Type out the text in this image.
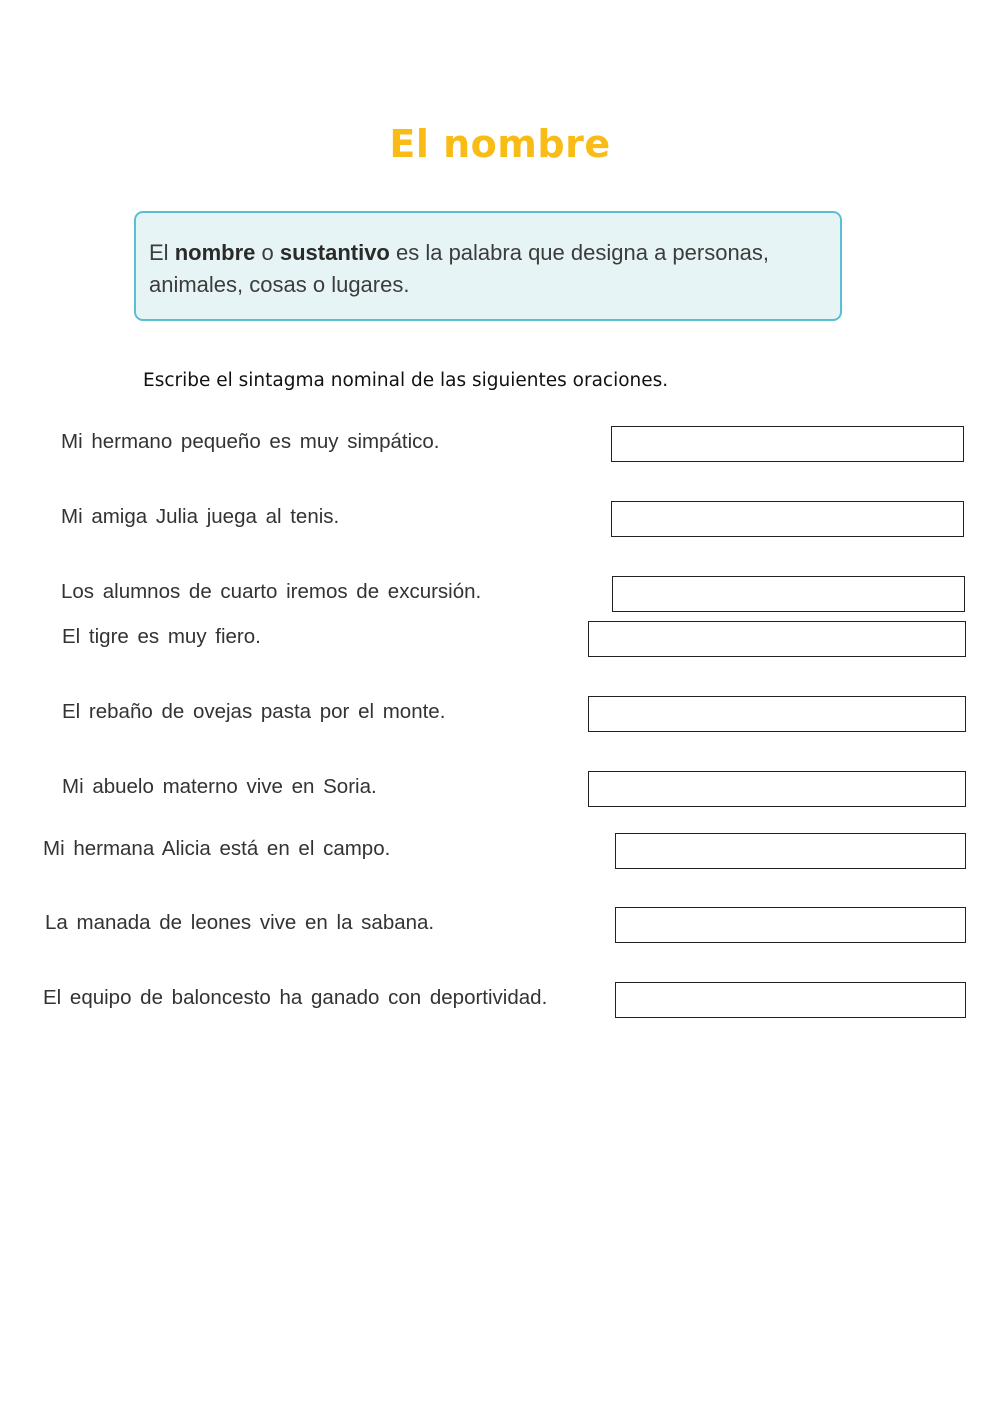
El nombre
El nombre o sustantivo es la palabra que designa a personas, animales, cosas o lugares.
Escribe el sintagma nominal de las siguientes oraciones.
Mi hermano pequeño es muy simpático.
Mi amiga Julia juega al tenis.
Los alumnos de cuarto iremos de excursión.
El tigre es muy fiero.
El rebaño de ovejas pasta por el monte.
Mi abuelo materno vive en Soria.
Mi hermana Alicia está en el campo.
La manada de leones vive en la sabana.
El equipo de baloncesto ha ganado con deportividad.
